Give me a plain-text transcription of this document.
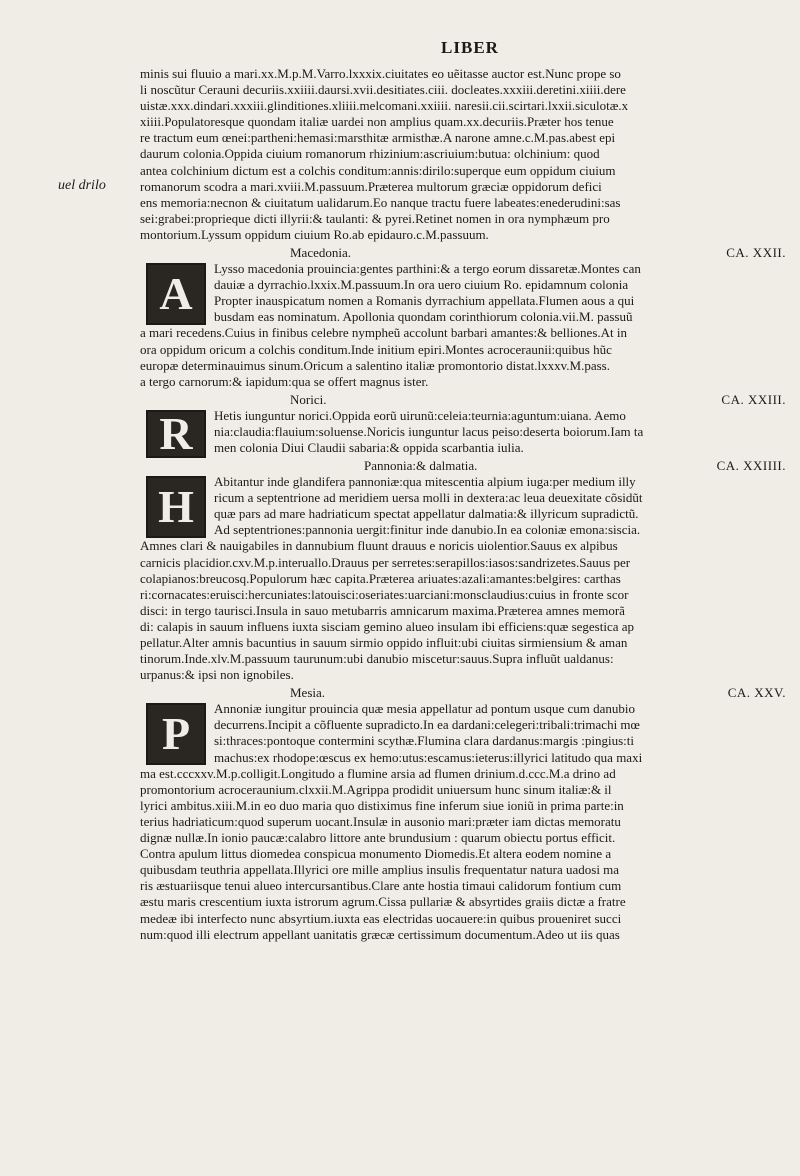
LIBER
uel drilo
minis sui fluuio a mari.xx.M.p.M.Varro.lxxxix.ciuitates eo uẽitasse auctor est.Nunc prope so
li noscũtur Cerauni decuriis.xxiiii.daursi.xvii.desitiates.ciii. docleates.xxxiii.deretini.xiiii.dere
uistæ.xxx.dindari.xxxiii.glinditiones.xliiii.melcomani.xxiiii. naresii.cii.scirtari.lxxii.siculotæ.x
xiiii.Populatoresque quondam italiæ uardei non amplius quam.xx.decuriis.Præter hos tenue
re tractum eum œnei:partheni:hemasi:marsthitæ armisthæ.A narone amne.c.M.pas.abest epi
daurum colonia.Oppida ciuium romanorum rhizinium:ascriuium:butua: olchinium: quod
antea colchinium dictum est a colchis conditum:annis:dirilo:superque eum oppidum ciuium
romanorum scodra a mari.xviii.M.passuum.Præterea multorum græciæ oppidorum defici
ens memoria:necnon & ciuitatum ualidarum.Eo nanque tractu fuere labeates:enederudini:sas
sei:grabei:proprieque dicti illyrii:& taulanti: & pyrei.Retinet nomen in ora nymphæum pro
montorium.Lyssum oppidum ciuium Ro.ab epidauro.c.M.passuum.
Macedonia.	CA. XXII.
A	Lysso macedonia prouincia:gentes parthini:& a tergo eorum dissaretæ.Montes can
dauiæ a dyrrachio.lxxix.M.passuum.In ora uero ciuium Ro. epidamnum colonia
Propter inauspicatum nomen a Romanis dyrrachium appellata.Flumen aous a qui
busdam eas nominatum. Apollonia quondam corinthiorum colonia.vii.M. passuũ
a mari recedens.Cuius in finibus celebre nympheũ accolunt barbari amantes:& belliones.At in
ora oppidum oricum a colchis conditum.Inde initium epiri.Montes acroceraunii:quibus hũc
europæ determinauimus sinum.Oricum a salentino italiæ promontorio distat.lxxxv.M.pass.
a tergo carnorum:& iapidum:qua se offert magnus ister.
Norici.	CA. XXIII.
R	Hetis iunguntur norici.Oppida eorũ uirunũ:celeia:teurnia:aguntum:uiana. Aemo
nia:claudia:flauium:soluense.Noricis iunguntur lacus peiso:deserta boiorum.Iam ta
men colonia Diui Claudii sabaria:& oppida scarbantia iulia.
Pannonia:& dalmatia.	CA. XXIIII.
H	Abitantur inde glandifera pannoniæ:qua mitescentia alpium iuga:per medium illy
ricum a septentrione ad meridiem uersa molli in dextera:ac leua deuexitate cõsidũt
quæ pars ad mare hadriaticum spectat appellatur dalmatia:& illyricum supradictũ.
Ad septentriones:pannonia uergit:finitur inde danubio.In ea coloniæ emona:siscia.
Amnes clari & nauigabiles in dannubium fluunt drauus e noricis uiolentior.Sauus ex alpibus
carnicis placidior.cxv.M.p.interuallo.Drauus per serretes:serapillos:iasos:sandrizetes.Sauus per
colapianos:breucosq.Populorum hæc capita.Præterea ariuates:azali:amantes:belgires: carthas
ri:cornacates:eruisci:hercuniates:latouisci:oseriates:uarciani:monsclaudius:cuius in fronte scor
disci: in tergo taurisci.Insula in sauo metubarris amnicarum maxima.Præterea amnes memorã
di: calapis in sauum influens iuxta sisciam gemino alueo insulam ibi efficiens:quæ segestica ap
pellatur.Alter amnis bacuntius in sauum sirmio oppido influit:ubi ciuitas sirmiensium & aman
tinorum.Inde.xlv.M.passuum taurunum:ubi danubio miscetur:sauus.Supra influũt ualdanus:
urpanus:& ipsi non ignobiles.
Mesia.	CA. XXV.
P	Annoniæ iungitur prouincia quæ mesia appellatur ad pontum usque cum danubio
decurrens.Incipit a cõfluente supradicto.In ea dardani:celegeri:tribali:trimachi mœ
si:thraces:pontoque contermini scythæ.Flumina clara dardanus:margis :pingius:ti
machus:ex rhodope:œscus ex hemo:utus:escamus:ieterus:illyrici latitudo qua maxi
ma est.cccxxv.M.p.colligit.Longitudo a flumine arsia ad flumen drinium.d.ccc.M.a drino ad
promontorium acroceraunium.clxxii.M.Agrippa prodidit uniuersum hunc sinum italiæ:& il
lyrici ambitus.xiii.M.in eo duo maria quo distiximus fine inferum siue ioniũ in prima parte:in
terius hadriaticum:quod superum uocant.Insulæ in ausonio mari:præter iam dictas memoratu
dignæ nullæ.In ionio paucæ:calabro littore ante brundusium : quarum obiectu portus efficit.
Contra apulum littus diomedea conspicua monumento Diomedis.Et altera eodem nomine a
quibusdam teuthria appellata.Illyrici ore mille amplius insulis frequentatur natura uadosi ma
ris æstuariisque tenui alueo intercursantibus.Clare ante hostia timaui calidorum fontium cum
æstu maris crescentium iuxta istrorum agrum.Cissa pullariæ & absyrtides graiis dictæ a fratre
medeæ ibi interfecto nunc absyrtium.iuxta eas electridas uocauere:in quibus proueniret succi
num:quod illi electrum appellant uanitatis græcæ certissimum documentum.Adeo ut iis quas
